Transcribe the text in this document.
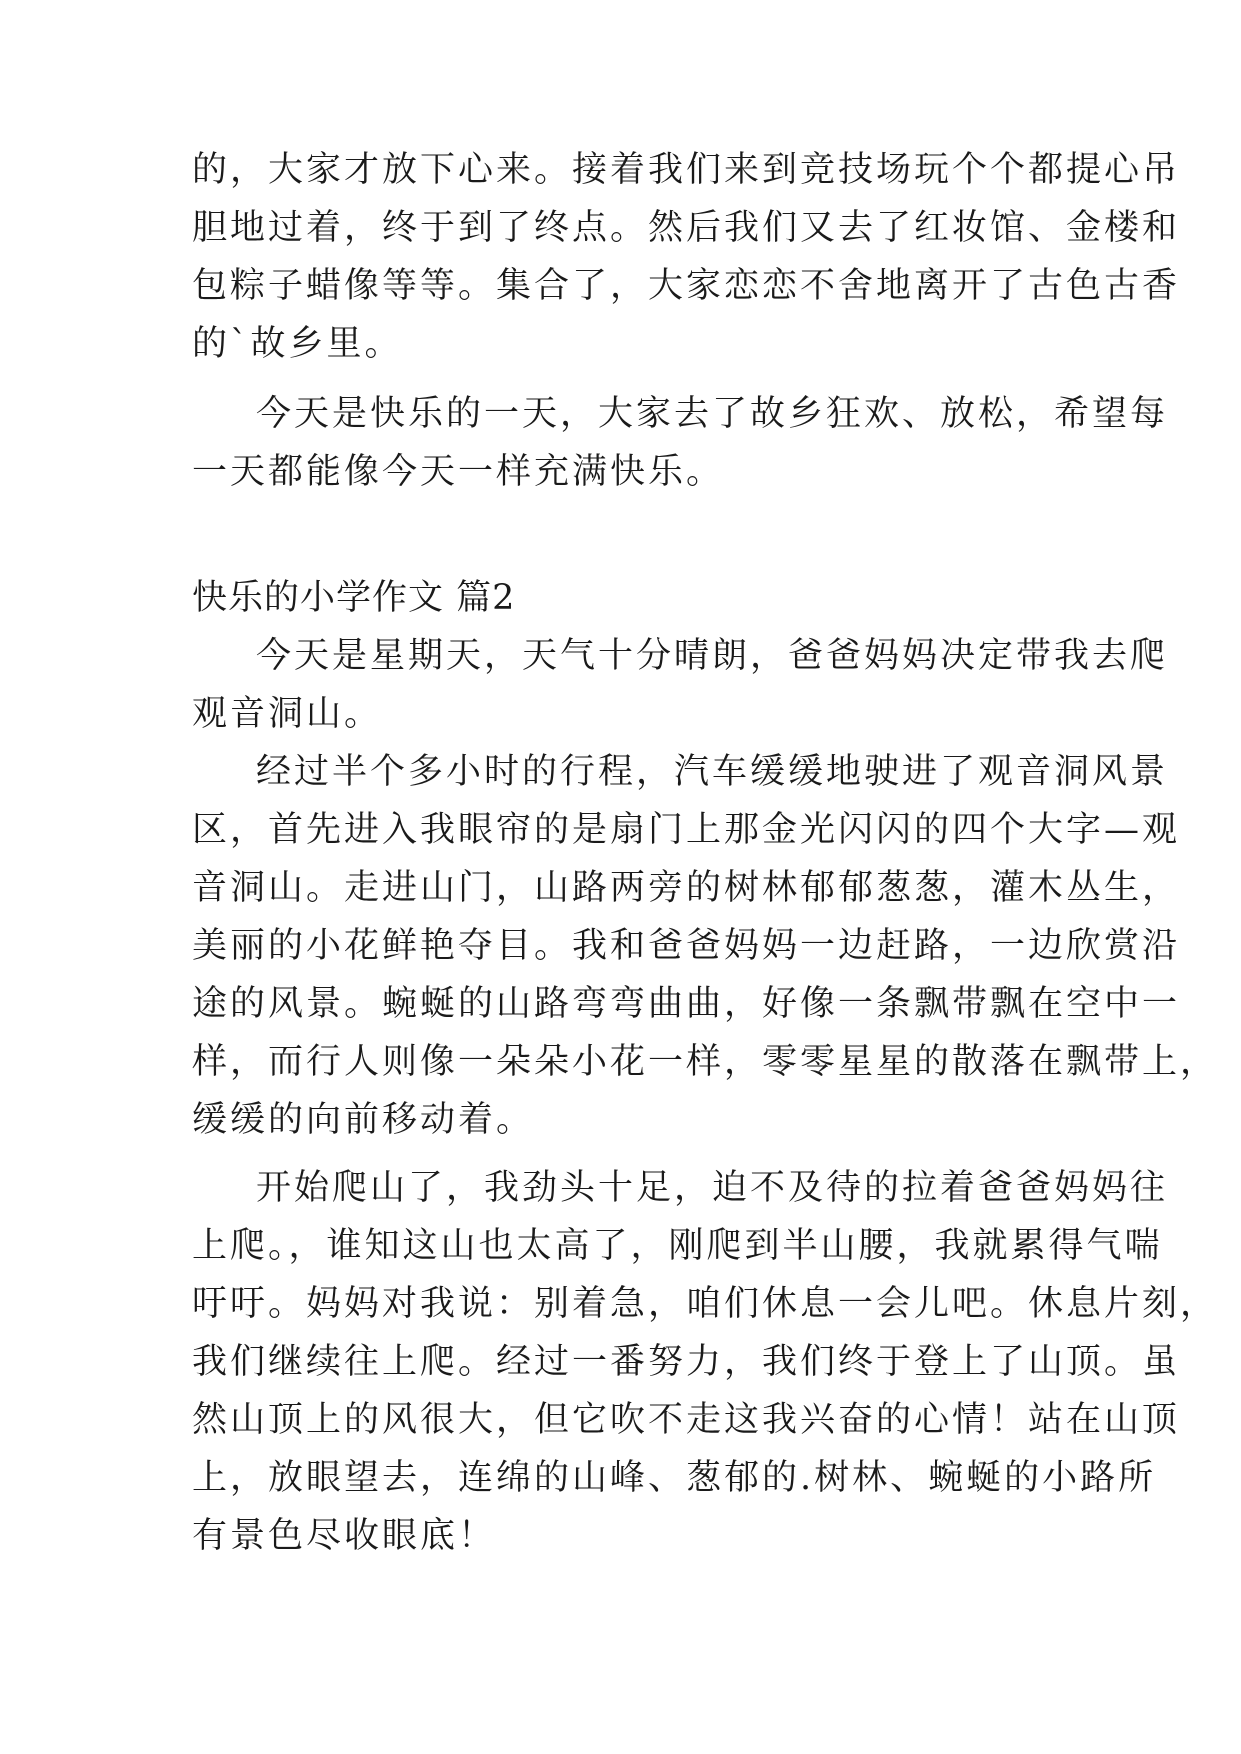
的，大家才放下心来。接着我们来到竞技场玩个个都提心吊
胆地过着，终于到了终点。然后我们又去了红妆馆、金楼和
包粽子蜡像等等。集合了，大家恋恋不舍地离开了古色古香
的`故乡里。
今天是快乐的一天，大家去了故乡狂欢、放松，希望每
一天都能像今天一样充满快乐。
快乐的小学作文 篇2
今天是星期天，天气十分晴朗，爸爸妈妈决定带我去爬
观音洞山。
经过半个多小时的行程，汽车缓缓地驶进了观音洞风景
区，首先进入我眼帘的是扇门上那金光闪闪的四个大字—观
音洞山。走进山门，山路两旁的树林郁郁葱葱，灌木丛生，
美丽的小花鲜艳夺目。我和爸爸妈妈一边赶路，一边欣赏沿
途的风景。蜿蜒的山路弯弯曲曲，好像一条飘带飘在空中一
样，而行人则像一朵朵小花一样，零零星星的散落在飘带上，
缓缓的向前移动着。
开始爬山了，我劲头十足，迫不及待的拉着爸爸妈妈往
上爬。，谁知这山也太高了，刚爬到半山腰，我就累得气喘
吁吁。妈妈对我说：别着急，咱们休息一会儿吧。休息片刻，
我们继续往上爬。经过一番努力，我们终于登上了山顶。虽
然山顶上的风很大，但它吹不走这我兴奋的心情！站在山顶
上，放眼望去，连绵的山峰、葱郁的.树林、蜿蜒的小路所
有景色尽收眼底！
